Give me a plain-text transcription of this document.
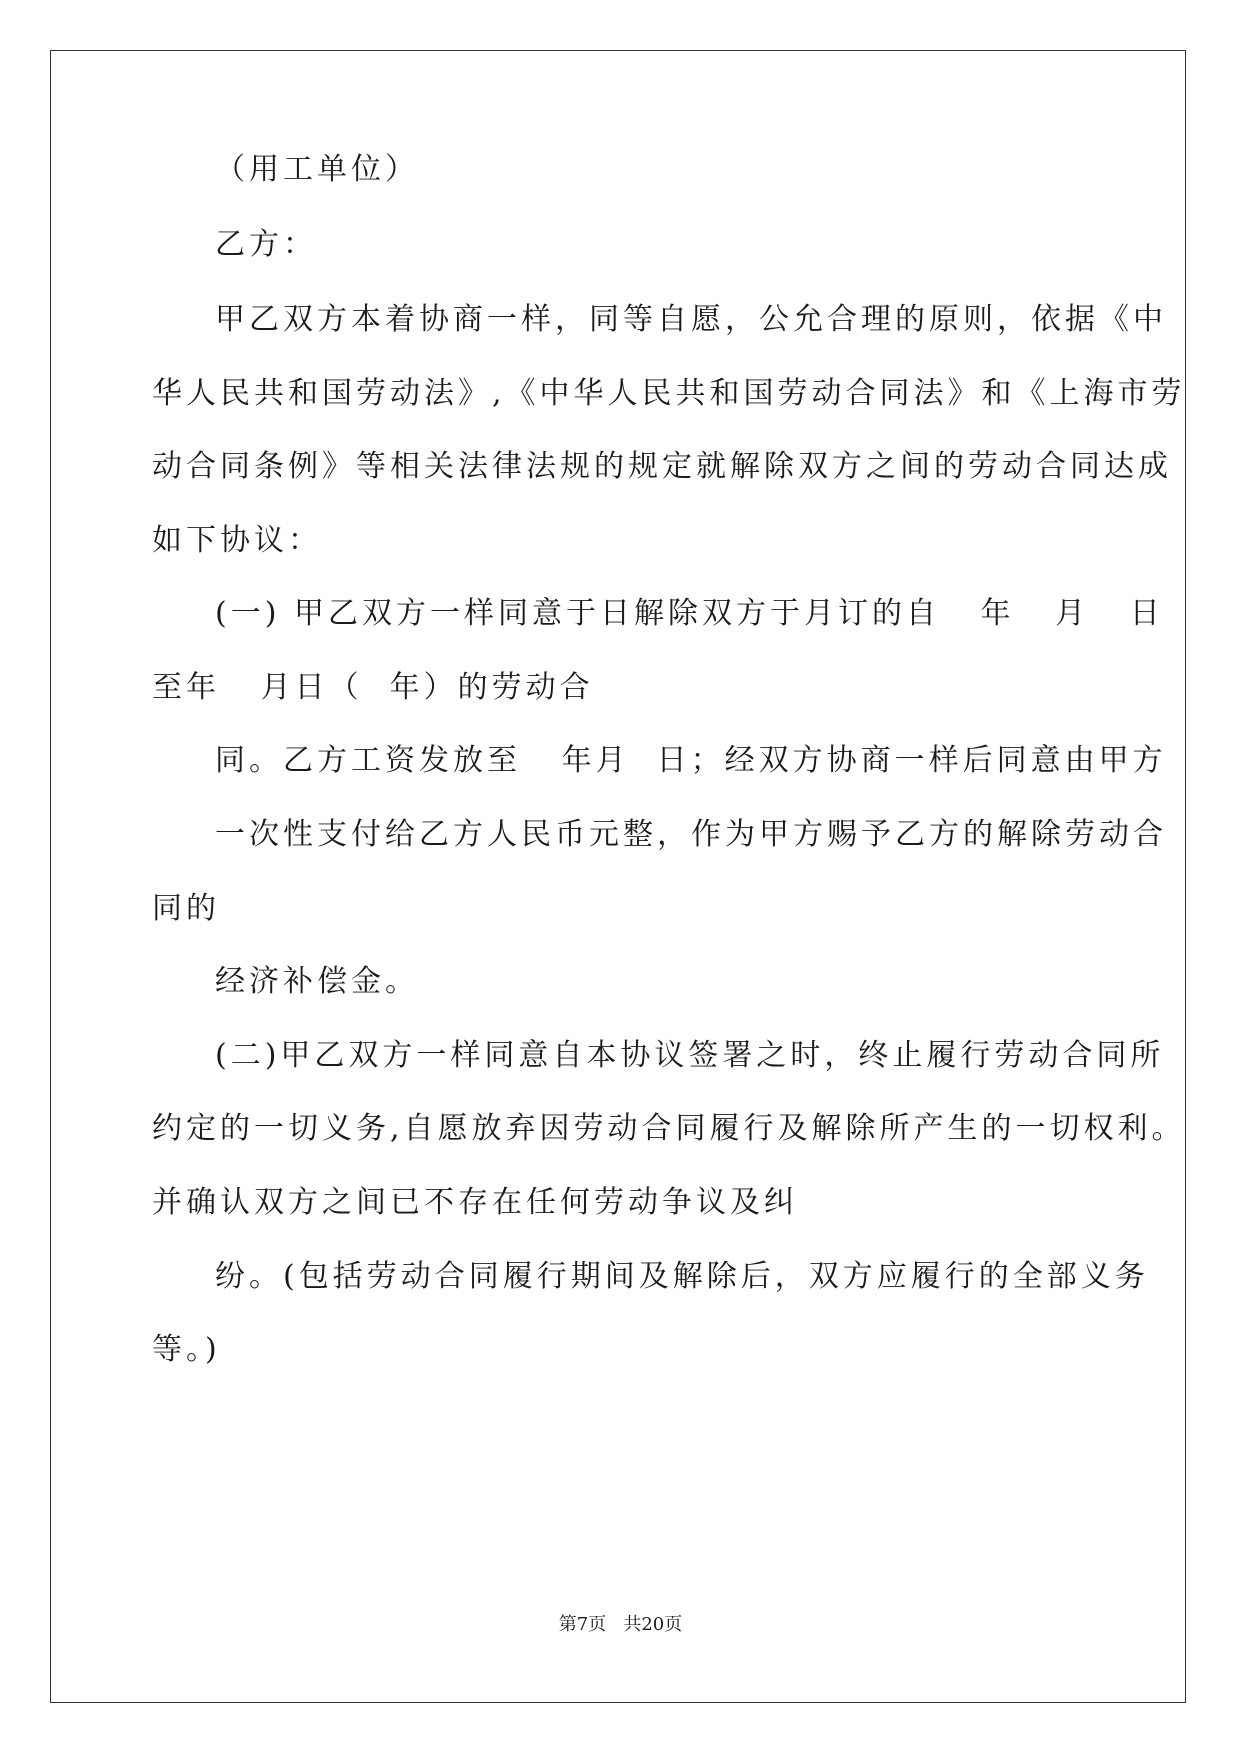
（用工单位）
乙方：
甲乙双方本着协商一样，同等自愿，公允合理的原则，依据《中
华人民共和国劳动法》,《中华人民共和国劳动合同法》和《上海市劳
动合同条例》等相关法律法规的规定就解除双方之间的劳动合同达成
如下协议：
(一) 甲乙双方一样同意于日解除双方于月订的自   年   月   日
至年   月日（  年）的劳动合
同。乙方工资发放至   年月  日；经双方协商一样后同意由甲方
一次性支付给乙方人民币元整，作为甲方赐予乙方的解除劳动合
同的
经济补偿金。
(二)甲乙双方一样同意自本协议签署之时，终止履行劳动合同所
约定的一切义务,自愿放弃因劳动合同履行及解除所产生的一切权利。
并确认双方之间已不存在任何劳动争议及纠
纷。(包括劳动合同履行期间及解除后，双方应履行的全部义务
等。)
第7页   共20页
